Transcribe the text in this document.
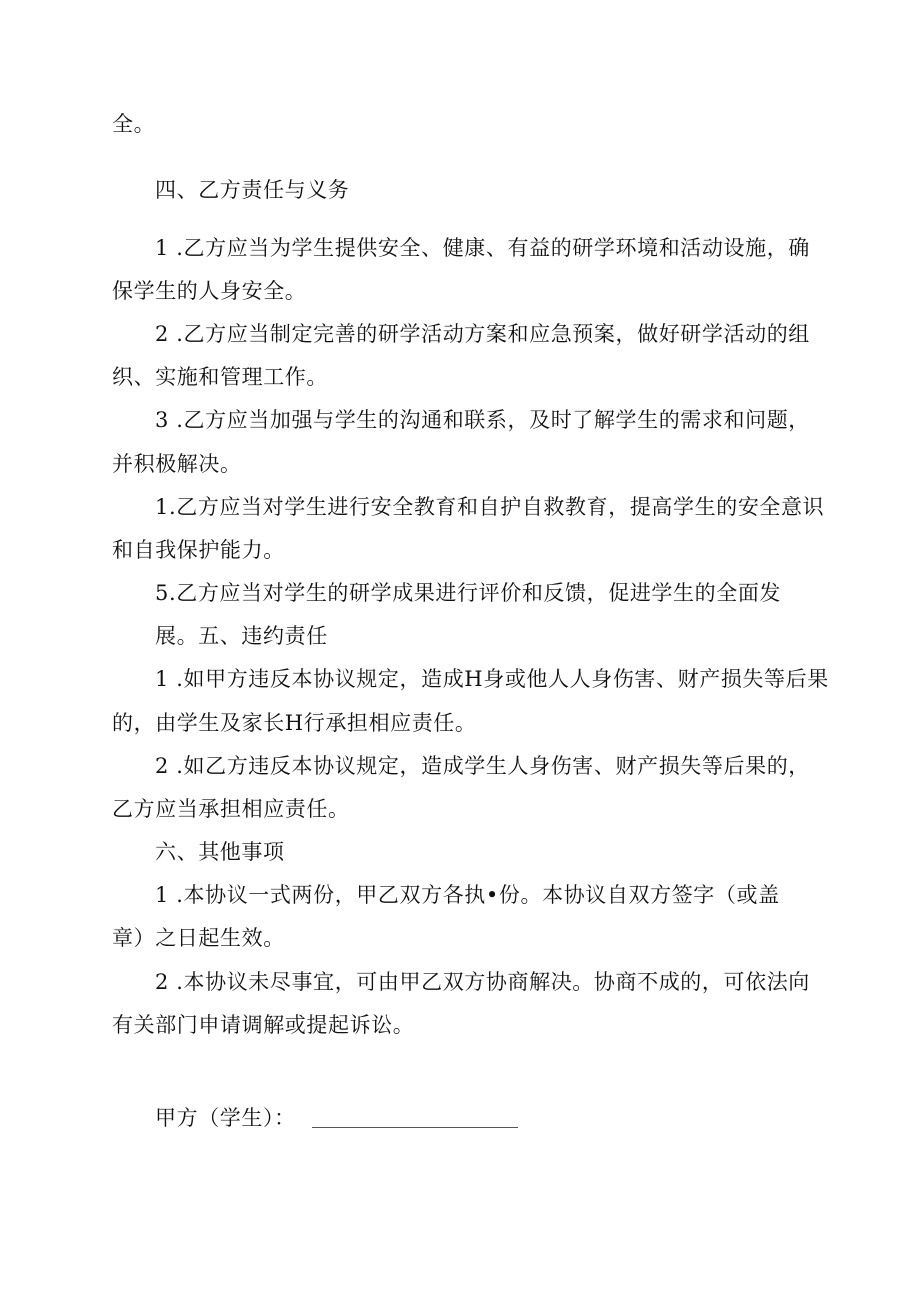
全。
四、乙方责任与义务
1 .乙方应当为学生提供安全、健康、有益的研学环境和活动设施，确
保学生的人身安全。
2 .乙方应当制定完善的研学活动方案和应急预案，做好研学活动的组
织、实施和管理工作。
3 .乙方应当加强与学生的沟通和联系，及时了解学生的需求和问题，
并积极解决。
1.乙方应当对学生进行安全教育和自护自救教育，提高学生的安全意识
和自我保护能力。
5.乙方应当对学生的研学成果进行评价和反馈，促进学生的全面发
展。五、违约责任
1 .如甲方违反本协议规定，造成H身或他人人身伤害、财产损失等后果
的，由学生及家长H行承担相应责任。
2 .如乙方违反本协议规定，造成学生人身伤害、财产损失等后果的，
乙方应当承担相应责任。
六、其他事项
1 .本协议一式两份，甲乙双方各执•份。本协议自双方签字（或盖
章）之日起生效。
2 .本协议未尽事宜，可由甲乙双方协商解决。协商不成的，可依法向
有关部门申请调解或提起诉讼。
甲方（学生）：
